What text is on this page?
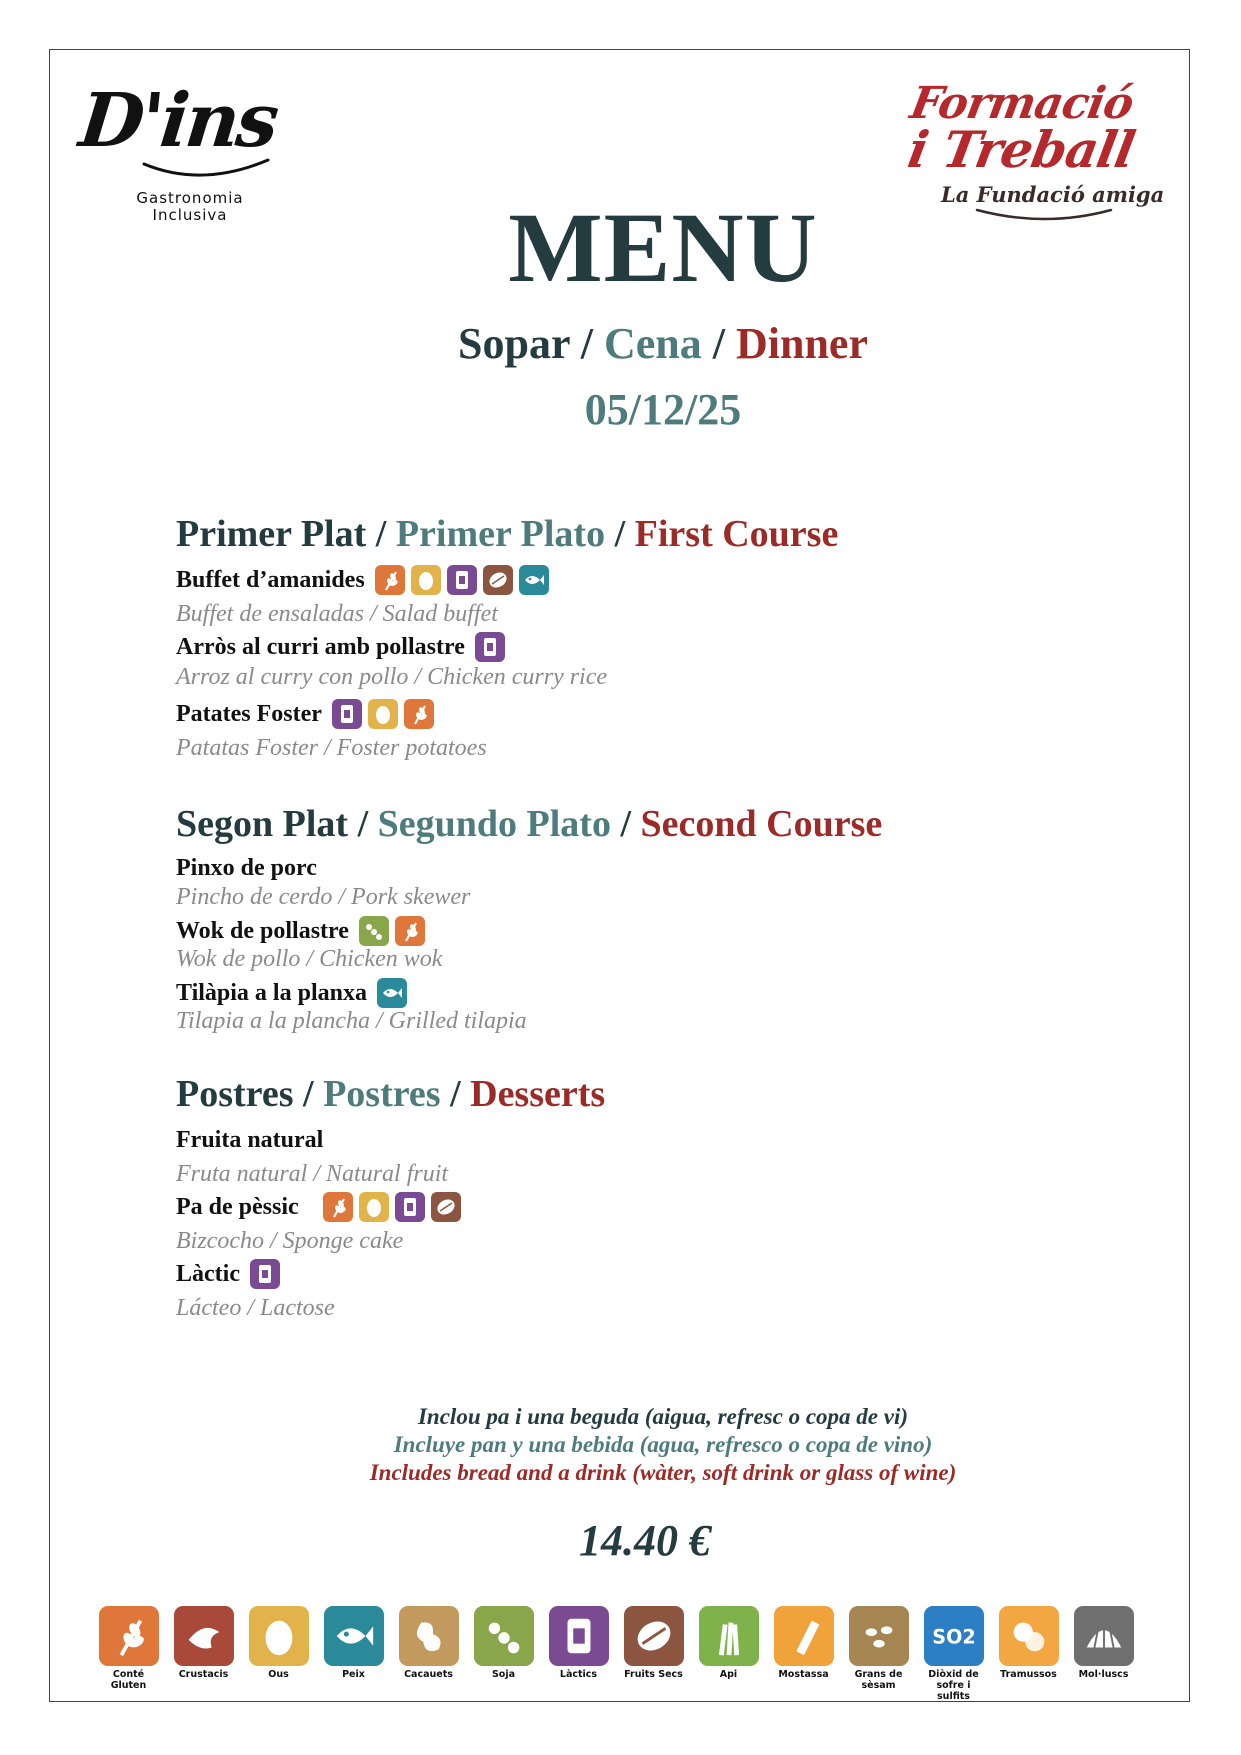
D'ins
Gastronomia Inclusiva
Formació
i Treball
La Fundació amiga
MENU
Sopar / Cena / Dinner
05/12/25
Primer Plat / Primer Plato / First Course
Buffet d’amanides
Buffet de ensaladas / Salad buffet
Arròs al curri amb pollastre
Arroz al curry con pollo / Chicken curry rice
Patates Foster
Patatas Foster / Foster potatoes
Segon Plat / Segundo Plato / Second Course
Pinxo de porc
Pincho de cerdo / Pork skewer
Wok de pollastre
Wok de pollo / Chicken wok
Tilàpia a la planxa
Tilapia a la plancha / Grilled tilapia
Postres / Postres / Desserts
Fruita natural
Fruta natural / Natural fruit
Pa de pèssic
Bizcocho / Sponge cake
Làctic
Lácteo / Lactose
Inclou pa i una beguda (aigua, refresc o copa de vi)
Incluye pan y una bebida (agua, refresco o copa de vino)
Includes bread and a drink (wàter, soft drink or glass of wine)
14.40 €
Conté Gluten
Crustacis	Ous	Peix	Cacauets	Soja	Làctics	Fruits Secs	Api	Mostassa	Grans de sèsam
SO2
Diòxid de sofre i sulfits
Tramussos Mol·luscs
